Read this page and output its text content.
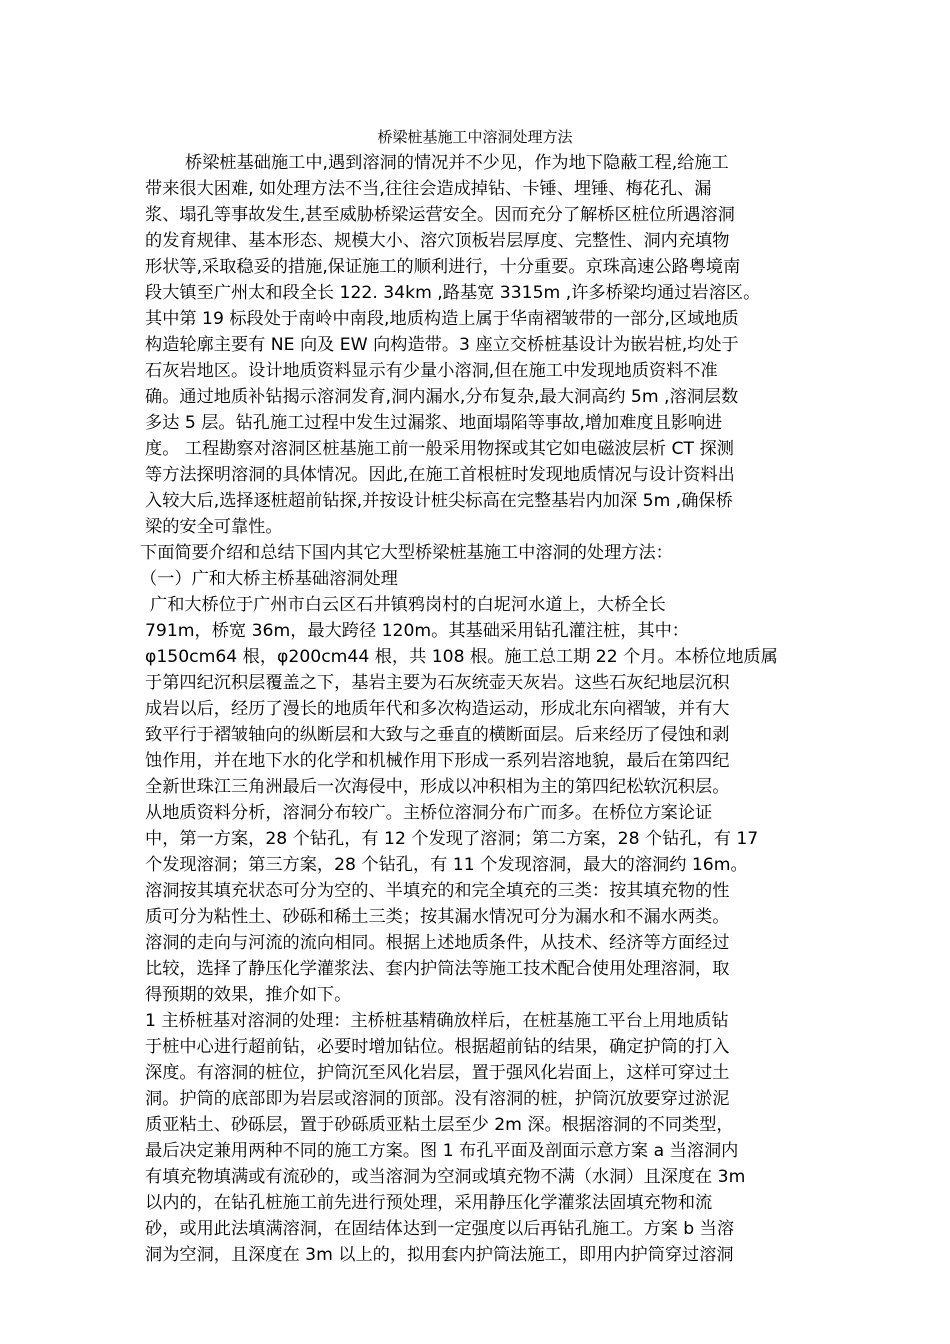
桥梁桩基施工中溶洞处理方法
桥梁桩基础施工中,遇到溶洞的情况并不少见，作为地下隐蔽工程,给施工
带来很大困难, 如处理方法不当,往往会造成掉钻、卡锤、埋锤、梅花孔、漏
浆、塌孔等事故发生,甚至威胁桥梁运营安全。因而充分了解桥区桩位所遇溶洞
的发育规律、基本形态、规模大小、溶穴顶板岩层厚度、完整性、洞内充填物
形状等,采取稳妥的措施,保证施工的顺利进行，十分重要。京珠高速公路粤境南
段大镇至广州太和段全长 122. 34km ,路基宽 3315m ,许多桥梁均通过岩溶区。
其中第 19 标段处于南岭中南段,地质构造上属于华南褶皱带的一部分,区域地质
构造轮廓主要有 NE 向及 EW 向构造带。3 座立交桥桩基设计为嵌岩桩,均处于
石灰岩地区。设计地质资料显示有少量小溶洞,但在施工中发现地质资料不准
确。通过地质补钻揭示溶洞发育,洞内漏水,分布复杂,最大洞高约 5m ,溶洞层数
多达 5 层。钻孔施工过程中发生过漏浆、地面塌陷等事故,增加难度且影响进
度。 工程勘察对溶洞区桩基施工前一般采用物探或其它如电磁波层析 CT 探测
等方法探明溶洞的具体情况。因此,在施工首根桩时发现地质情况与设计资料出
入较大后,选择逐桩超前钻探,并按设计桩尖标高在完整基岩内加深 5m ,确保桥
梁的安全可靠性。
下面简要介绍和总结下国内其它大型桥梁桩基施工中溶洞的处理方法：
（一）广和大桥主桥基础溶洞处理
广和大桥位于广州市白云区石井镇鸦岗村的白坭河水道上，大桥全长
791m，桥宽 36m，最大跨径 120m。其基础采用钻孔灌注桩，其中：
φ150cm64 根，φ200cm44 根，共 108 根。施工总工期 22 个月。本桥位地质属
于第四纪沉积层覆盖之下，基岩主要为石灰统壶天灰岩。这些石灰纪地层沉积
成岩以后，经历了漫长的地质年代和多次构造运动，形成北东向褶皱，并有大
致平行于褶皱轴向的纵断层和大致与之垂直的横断面层。后来经历了侵蚀和剥
蚀作用，并在地下水的化学和机械作用下形成一系列岩溶地貌，最后在第四纪
全新世珠江三角洲最后一次海侵中，形成以冲积相为主的第四纪松软沉积层。
从地质资料分析，溶洞分布较广。主桥位溶洞分布广而多。在桥位方案论证
中，第一方案，28 个钻孔，有 12 个发现了溶洞；第二方案，28 个钻孔，有 17
个发现溶洞；第三方案，28 个钻孔，有 11 个发现溶洞，最大的溶洞约 16m。
溶洞按其填充状态可分为空的、半填充的和完全填充的三类：按其填充物的性
质可分为粘性土、砂砾和稀土三类；按其漏水情况可分为漏水和不漏水两类。
溶洞的走向与河流的流向相同。根据上述地质条件，从技术、经济等方面经过
比较，选择了静压化学灌浆法、套内护筒法等施工技术配合使用处理溶洞，取
得预期的效果，推介如下。
1 主桥桩基对溶洞的处理：主桥桩基精确放样后，在桩基施工平台上用地质钻
于桩中心进行超前钻，必要时增加钻位。根据超前钻的结果，确定护筒的打入
深度。有溶洞的桩位，护筒沉至风化岩层，置于强风化岩面上，这样可穿过土
洞。护筒的底部即为岩层或溶洞的顶部。没有溶洞的桩，护筒沉放要穿过淤泥
质亚粘土、砂砾层，置于砂砾质亚粘土层至少 2m 深。根据溶洞的不同类型，
最后决定兼用两种不同的施工方案。图 1 布孔平面及剖面示意方案 a 当溶洞内
有填充物填满或有流砂的，或当溶洞为空洞或填充物不满（水洞）且深度在 3m
以内的，在钻孔桩施工前先进行预处理，采用静压化学灌浆法固填充物和流
砂，或用此法填满溶洞，在固结体达到一定强度以后再钻孔施工。方案 b 当溶
洞为空洞，且深度在 3m 以上的，拟用套内护筒法施工，即用内护筒穿过溶洞
